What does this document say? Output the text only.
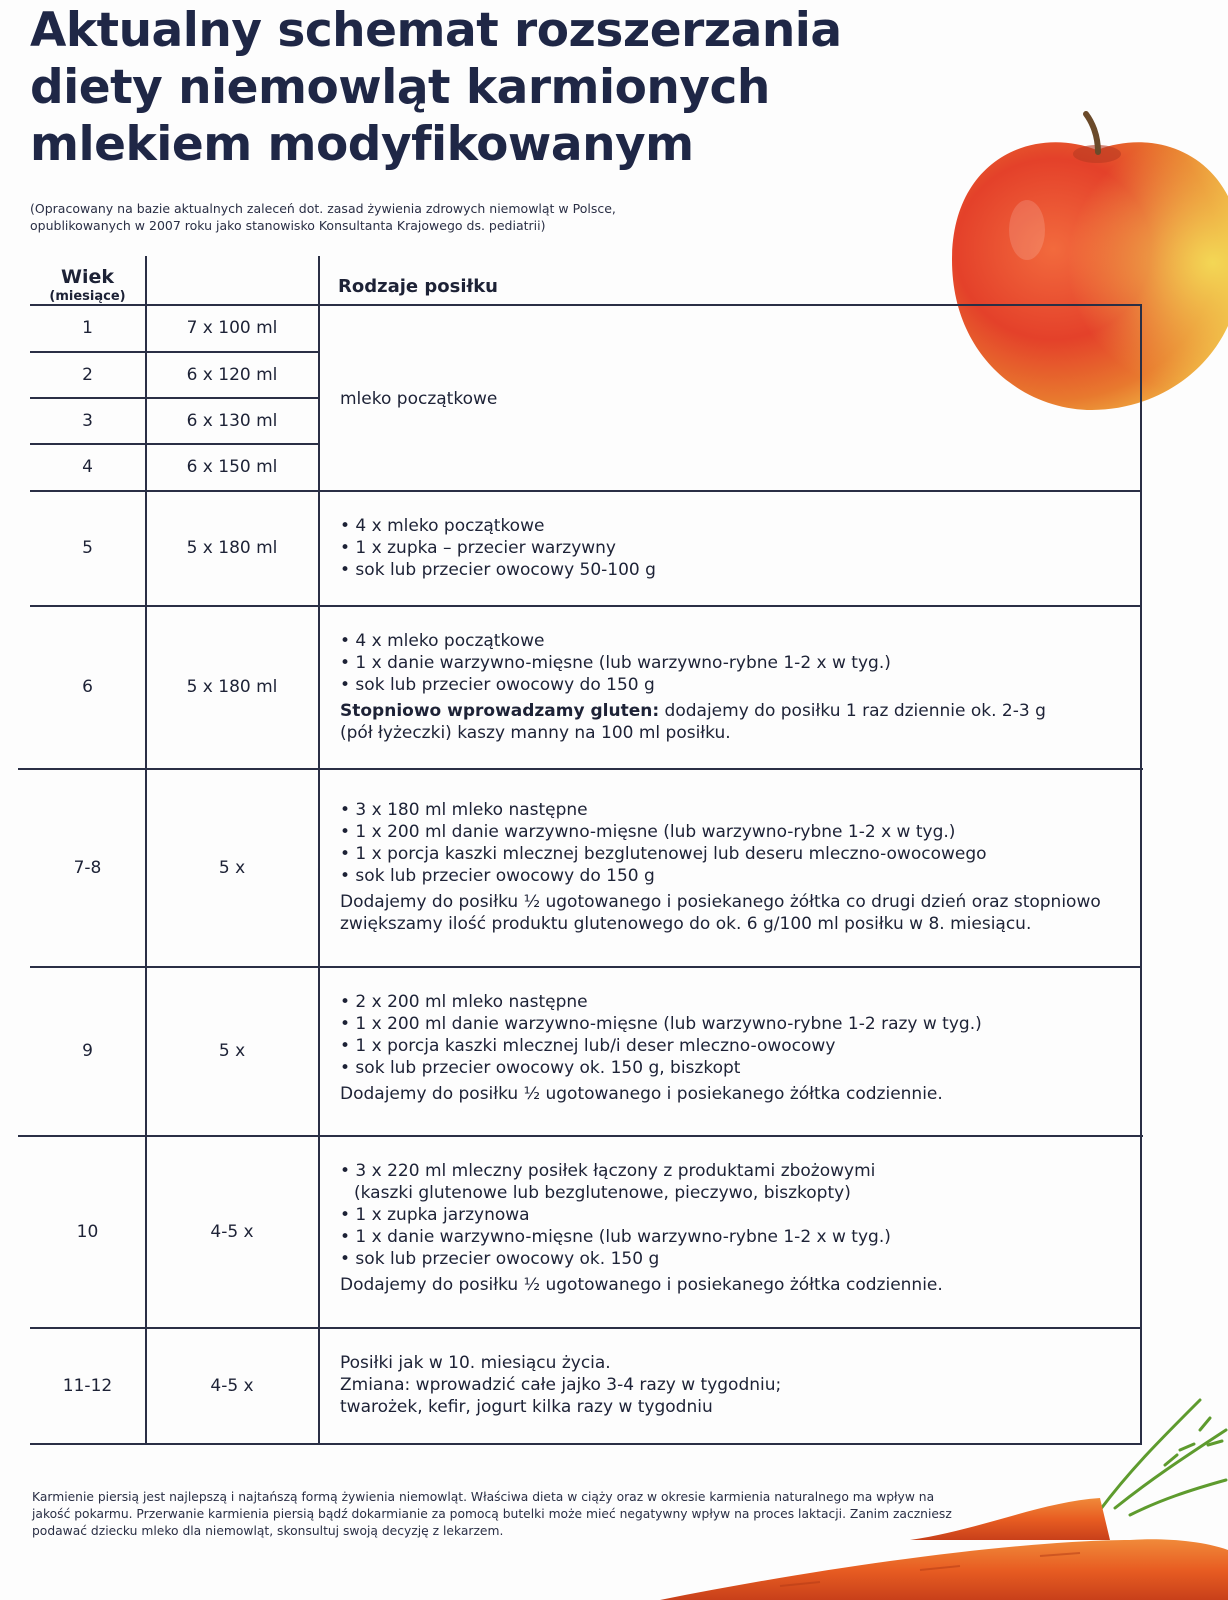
Aktualny schemat rozszerzania
diety niemowląt karmionych
mlekiem modyfikowanym
(Opracowany na bazie aktualnych zaleceń dot. zasad żywienia zdrowych niemowląt w Polsce,
opublikowanych w 2007 roku jako stanowisko Konsultanta Krajowego ds. pediatrii)
Wiek
(miesiące)	Rodzaje posiłku
1
2
3
4
5
6
7-8
9
10
11-12
7 x 100 ml
6 x 120 ml
6 x 130 ml
6 x 150 ml
5 x 180 ml
5 x 180 ml
5 x
5 x
4-5 x
4-5 x
mleko początkowe
• 4 x mleko początkowe
• 1 x zupka – przecier warzywny
• sok lub przecier owocowy 50-100 g
• 4 x mleko początkowe
• 1 x danie warzywno-mięsne (lub warzywno-rybne 1-2 x w tyg.)
• sok lub przecier owocowy do 150 g
Stopniowo wprowadzamy gluten: dodajemy do posiłku 1 raz dziennie ok. 2-3 g
(pół łyżeczki) kaszy manny na 100 ml posiłku.
• 3 x 180 ml mleko następne
• 1 x 200 ml danie warzywno-mięsne (lub warzywno-rybne 1-2 x w tyg.)
• 1 x porcja kaszki mlecznej bezglutenowej lub deseru mleczno-owocowego
• sok lub przecier owocowy do 150 g
Dodajemy do posiłku ½ ugotowanego i posiekanego żółtka co drugi dzień oraz stopniowo
zwiększamy ilość produktu glutenowego do ok. 6 g/100 ml posiłku w 8. miesiącu.
• 2 x 200 ml mleko następne
• 1 x 200 ml danie warzywno-mięsne (lub warzywno-rybne 1-2 razy w tyg.)
• 1 x porcja kaszki mlecznej lub/i deser mleczno-owocowy
• sok lub przecier owocowy ok. 150 g, biszkopt
Dodajemy do posiłku ½ ugotowanego i posiekanego żółtka codziennie.
• 3 x 220 ml mleczny posiłek łączony z produktami zbożowymi
(kaszki glutenowe lub bezglutenowe, pieczywo, biszkopty)
• 1 x zupka jarzynowa
• 1 x danie warzywno-mięsne (lub warzywno-rybne 1-2 x w tyg.)
• sok lub przecier owocowy ok. 150 g
Dodajemy do posiłku ½ ugotowanego i posiekanego żółtka codziennie.
Posiłki jak w 10. miesiącu życia.
Zmiana: wprowadzić całe jajko 3-4 razy w tygodniu;
twarożek, kefir, jogurt kilka razy w tygodniu
Karmienie piersią jest najlepszą i najtańszą formą żywienia niemowląt. Właściwa dieta w ciąży oraz w okresie karmienia naturalnego ma wpływ na jakość pokarmu. Przerwanie karmienia piersią bądź dokarmianie za pomocą butelki może mieć negatywny wpływ na proces laktacji. Zanim zaczniesz podawać dziecku mleko dla niemowląt, skonsultuj swoją decyzję z lekarzem.
